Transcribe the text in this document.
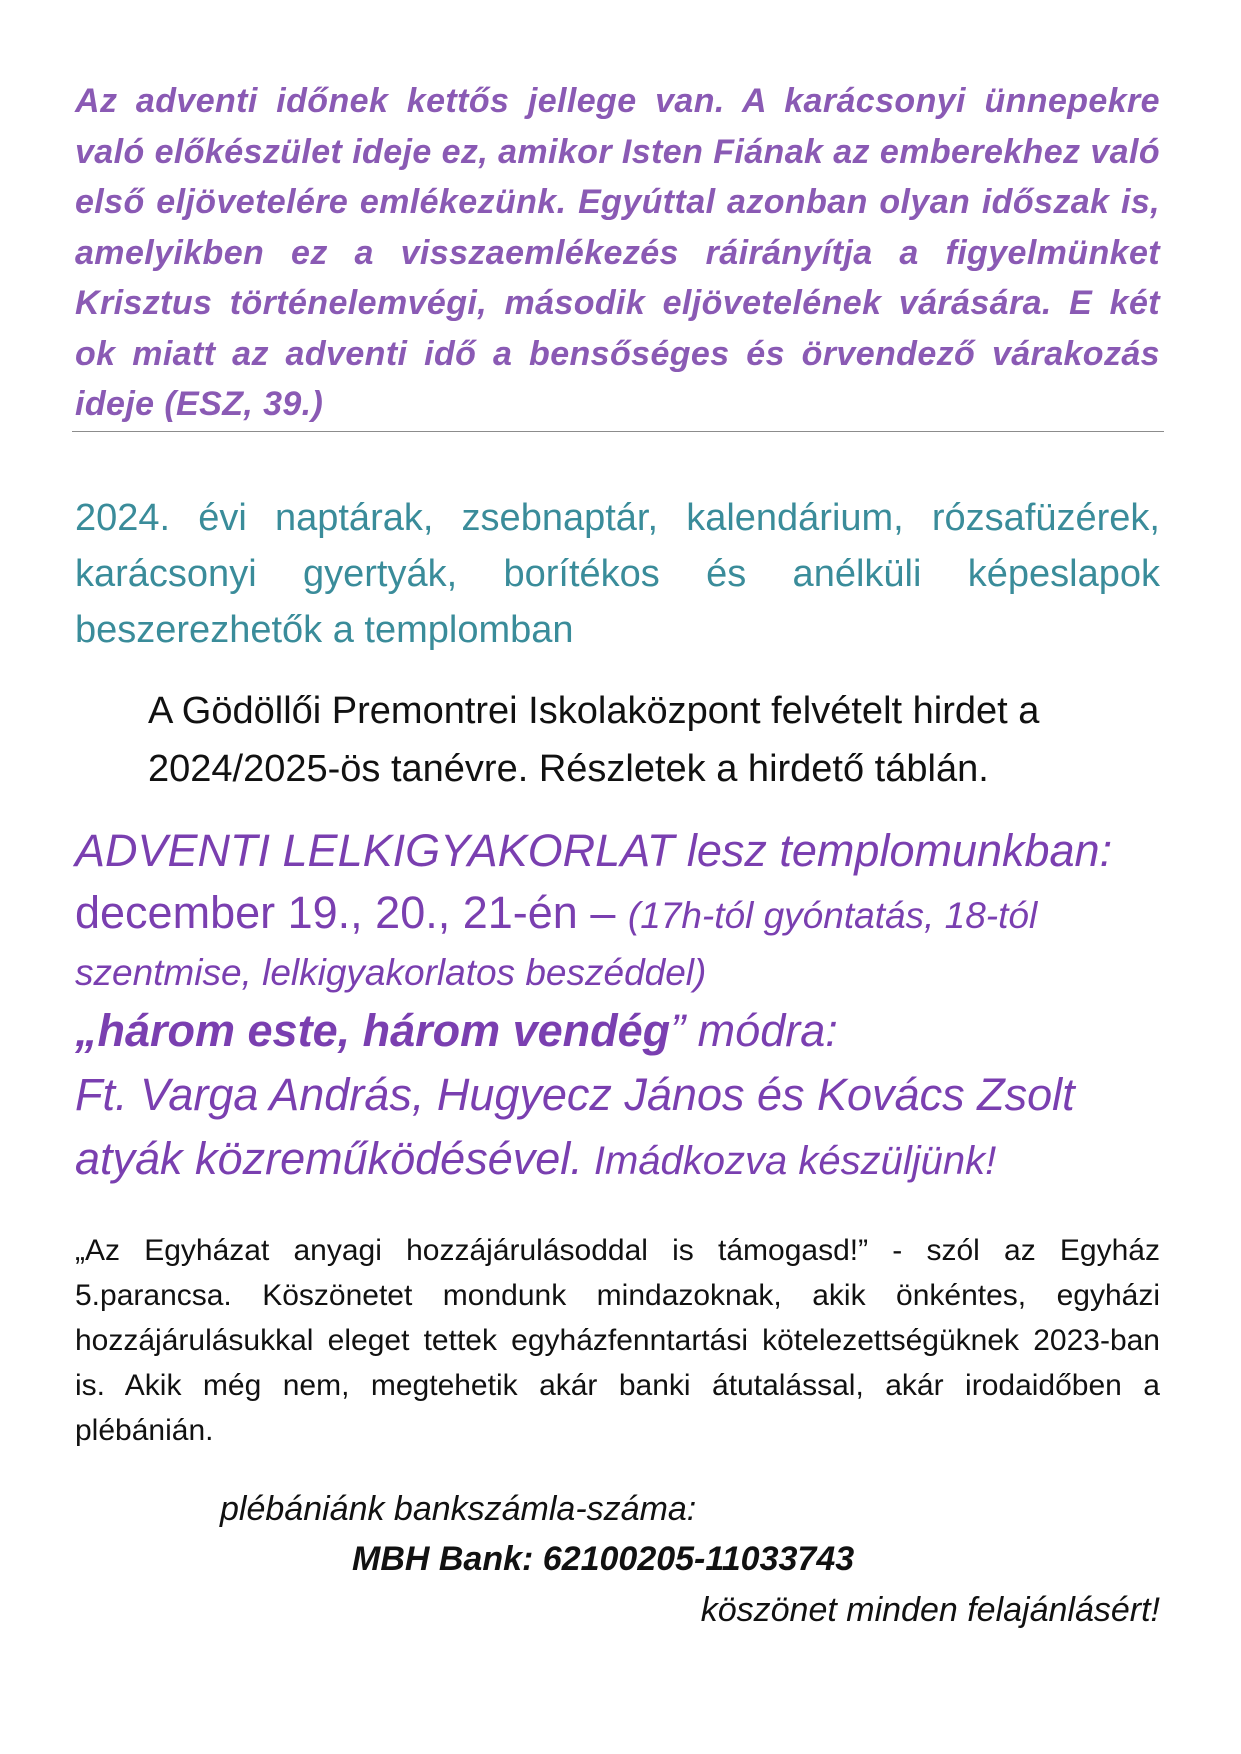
Az adventi időnek kettős jellege van. A karácsonyi ünnepekre való előkészület ideje ez, amikor Isten Fiának az emberekhez való első eljövetelére emlékezünk. Egyúttal azonban olyan időszak is, amelyikben ez a visszaemlékezés ráirányítja a figyelmünket Krisztus történelemvégi, második eljövetelének várására. E két ok miatt az adventi idő a bensőséges és örvendező várakozás ideje (ESZ, 39.)

2024. évi naptárak, zsebnaptár, kalendárium, rózsafüzérek, karácsonyi gyertyák, borítékos és anélküli képeslapok beszerezhetők a templomban

A Gödöllői Premontrei Iskolaközpont felvételt hirdet a
2024/2025-ös tanévre. Részletek a hirdető táblán.
ADVENTI LELKIGYAKORLAT lesz templomunkban:
december 19., 20., 21-én – (17h-tól gyóntatás, 18-tól
szentmise, lelkigyakorlatos beszéddel)
„három este, három vendég” módra:
Ft. Varga András, Hugyecz János és Kovács Zsolt
atyák közreműködésével. Imádkozva készüljünk!

„Az Egyházat anyagi hozzájárulásoddal is támogasd!” - szól az Egyház 5.parancsa. Köszönetet mondunk mindazoknak, akik önkéntes, egyházi hozzájárulásukkal eleget tettek egyházfenntartási kötelezettségüknek 2023-ban is. Akik még nem, megtehetik akár banki átutalással, akár irodaidőben a plébánián.

plébániánk bankszámla-száma:
MBH Bank: 62100205-11033743
köszönet minden felajánlásért!
